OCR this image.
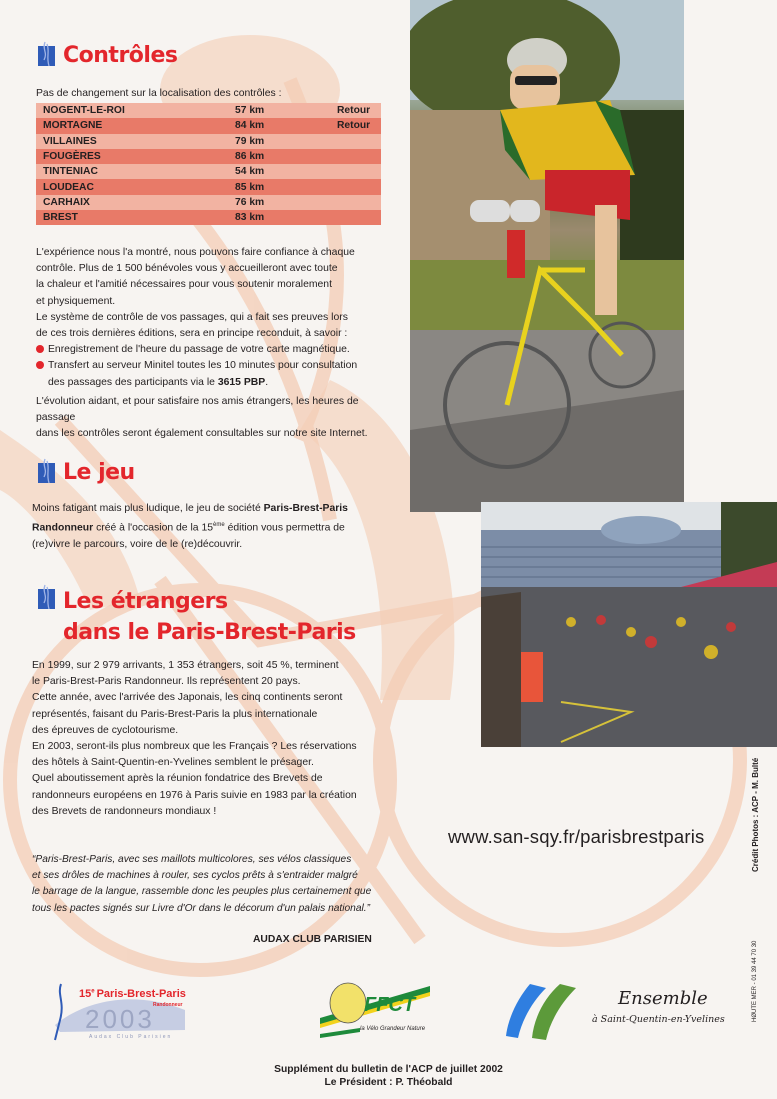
Contrôles
Pas de changement sur la localisation des contrôles :
NOGENT-LE-ROI	57 km	Retour
MORTAGNE	84 km	Retour
VILLAINES	79 km	
FOUGÈRES	86 km	
TINTENIAC	54 km	
LOUDEAC	85 km	
CARHAIX	76 km	
BREST	83 km	
L'expérience nous l'a montré, nous pouvons faire confiance à chaque
contrôle. Plus de 1 500 bénévoles vous y accueilleront avec toute
la chaleur et l'amitié nécessaires pour vous soutenir moralement
et physiquement.
Le système de contrôle de vos passages, qui a fait ses preuves lors
de ces trois dernières éditions, sera en principe reconduit, à savoir :
Enregistrement de l'heure du passage de votre carte magnétique.
Transfert au serveur Minitel toutes les 10 minutes pour consultation
des passages des participants via le 3615 PBP.
L'évolution aidant, et pour satisfaire nos amis étrangers, les heures de passage
dans les contrôles seront également consultables sur notre site Internet.
Le jeu
Moins fatigant mais plus ludique, le jeu de société Paris-Brest-Paris
Randonneur créé à l'occasion de la 15ème édition vous permettra de
(re)vivre le parcours, voire de le (re)découvrir.
Les étrangers
dans le Paris-Brest-Paris
En 1999, sur 2 979 arrivants, 1 353 étrangers, soit 45 %, terminent
le Paris-Brest-Paris Randonneur. Ils représentent 20 pays.
Cette année, avec l'arrivée des Japonais, les cinq continents seront
représentés, faisant du Paris-Brest-Paris la plus internationale
des épreuves de cyclotourisme.
En 2003, seront-ils plus nombreux que les Français ? Les réservations
des hôtels à Saint-Quentin-en-Yvelines semblent le présager.
Quel aboutissement après la réunion fondatrice des Brevets de
randonneurs européens en 1976 à Paris suivie en 1983 par la création
des Brevets de randonneurs mondiaux !
“Paris-Brest-Paris, avec ses maillots multicolores, ses vélos classiques
et ses drôles de machines à rouler, ses cyclos prêts à s'entraider malgré
le barrage de la langue, rassemble donc les peuples plus certainement que
tous les pactes signés sur Livre d'Or dans le décorum d'un palais national.”
AUDAX CLUB PARISIEN
www.san-sqy.fr/parisbrestparis	Crédit Photos : ACP - M. Bulté
HØUTE MER - 01 39 44 70 30
15e Paris-Brest-Paris
Randonneur
2003
Audax Club Parisien
FFCT
la Vélo Grandeur Nature
Ensemble
à Saint-Quentin-en-Yvelines
Supplément du bulletin de l'ACP de juillet 2002
Le Président : P. Théobald
